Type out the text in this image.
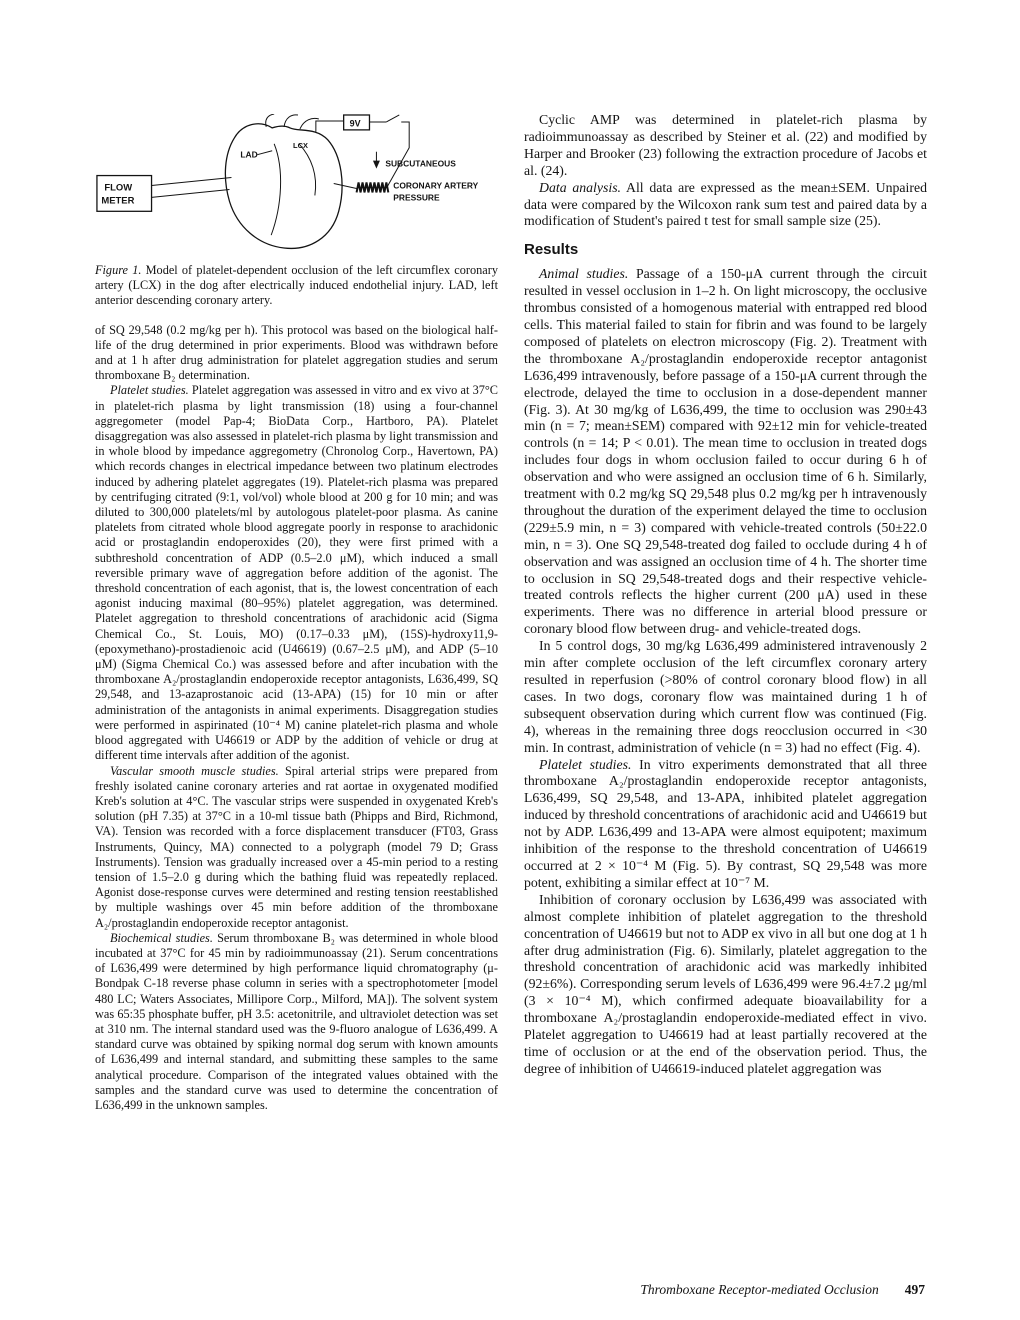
FLOW
METER
LAD
LCX
9V
SUBCUTANEOUS
CORONARY ARTERY
PRESSURE

Figure 1. Model of platelet-dependent occlusion of the left circumflex coronary artery (LCX) in the dog after electrically induced endothelial injury. LAD, left anterior descending coronary artery.

of SQ 29,548 (0.2 mg/kg per h). This protocol was based on the biological half-life of the drug determined in prior experiments. Blood was withdrawn before and at 1 h after drug administration for platelet aggregation studies and serum thromboxane B₂ determination.

Platelet studies. Platelet aggregation was assessed in vitro and ex vivo at 37°C in platelet-rich plasma by light transmission (18) using a four-channel aggregometer (model Pap-4; BioData Corp., Hartboro, PA). Platelet disaggregation was also assessed in platelet-rich plasma by light transmission and in whole blood by impedance aggregometry (Chronolog Corp., Havertown, PA) which records changes in electrical impedance between two platinum electrodes induced by adhering platelet aggregates (19). Platelet-rich plasma was prepared by centrifuging citrated (9:1, vol/vol) whole blood at 200 g for 10 min; and was diluted to 300,000 platelets/ml by autologous platelet-poor plasma. As canine platelets from citrated whole blood aggregate poorly in response to arachidonic acid or prostaglandin endoperoxides (20), they were first primed with a subthreshold concentration of ADP (0.5–2.0 μM), which induced a small reversible primary wave of aggregation before addition of the agonist. The threshold concentration of each agonist, that is, the lowest concentration of each agonist inducing maximal (80–95%) platelet aggregation, was determined. Platelet aggregation to threshold concentrations of arachidonic acid (Sigma Chemical Co., St. Louis, MO) (0.17–0.33 μM), (15S)-hydroxy11,9-(epoxymethano)-prostadienoic acid (U46619) (0.67–2.5 μM), and ADP (5–10 μM) (Sigma Chemical Co.) was assessed before and after incubation with the thromboxane A₂/prostaglandin endoperoxide receptor antagonists, L636,499, SQ 29,548, and 13-azaprostanoic acid (13-APA) (15) for 10 min or after administration of the antagonists in animal experiments. Disaggregation studies were performed in aspirinated (10⁻⁴ M) canine platelet-rich plasma and whole blood aggregated with U46619 or ADP by the addition of vehicle or drug at different time intervals after addition of the agonist.

Vascular smooth muscle studies. Spiral arterial strips were prepared from freshly isolated canine coronary arteries and rat aortae in oxygenated modified Kreb's solution at 4°C. The vascular strips were suspended in oxygenated Kreb's solution (pH 7.35) at 37°C in a 10-ml tissue bath (Phipps and Bird, Richmond, VA). Tension was recorded with a force displacement transducer (FT03, Grass Instruments, Quincy, MA) connected to a polygraph (model 79 D; Grass Instruments). Tension was gradually increased over a 45-min period to a resting tension of 1.5–2.0 g during which the bathing fluid was repeatedly replaced. Agonist dose-response curves were determined and resting tension reestablished by multiple washings over 45 min before addition of the thromboxane A₂/prostaglandin endoperoxide receptor antagonist.

Biochemical studies. Serum thromboxane B₂ was determined in whole blood incubated at 37°C for 45 min by radioimmunoassay (21). Serum concentrations of L636,499 were determined by high performance liquid chromatography (μ-Bondpak C-18 reverse phase column in series with a spectrophotometer [model 480 LC; Waters Associates, Millipore Corp., Milford, MA]). The solvent system was 65:35 phosphate buffer, pH 3.5: acetonitrile, and ultraviolet detection was set at 310 nm. The internal standard used was the 9-fluoro analogue of L636,499. A standard curve was obtained by spiking normal dog serum with known amounts of L636,499 and internal standard, and submitting these samples to the same analytical procedure. Comparison of the integrated values obtained with the samples and the standard curve was used to determine the concentration of L636,499 in the unknown samples.

Cyclic AMP was determined in platelet-rich plasma by radioimmunoassay as described by Steiner et al. (22) and modified by Harper and Brooker (23) following the extraction procedure of Jacobs et al. (24).

Data analysis. All data are expressed as the mean±SEM. Unpaired data were compared by the Wilcoxon rank sum test and paired data by a modification of Student's paired t test for small sample size (25).

Results

Animal studies. Passage of a 150-μA current through the circuit resulted in vessel occlusion in 1–2 h. On light microscopy, the occlusive thrombus consisted of a homogenous material with entrapped red blood cells. This material failed to stain for fibrin and was found to be largely composed of platelets on electron microscopy (Fig. 2). Treatment with the thromboxane A₂/prostaglandin endoperoxide receptor antagonist L636,499 intravenously, before passage of a 150-μA current through the electrode, delayed the time to occlusion in a dose-dependent manner (Fig. 3). At 30 mg/kg of L636,499, the time to occlusion was 290±43 min (n = 7; mean±SEM) compared with 92±12 min for vehicle-treated controls (n = 14; P < 0.01). The mean time to occlusion in treated dogs includes four dogs in whom occlusion failed to occur during 6 h of observation and who were assigned an occlusion time of 6 h. Similarly, treatment with 0.2 mg/kg SQ 29,548 plus 0.2 mg/kg per h intravenously throughout the duration of the experiment delayed the time to occlusion (229±5.9 min, n = 3) compared with vehicle-treated controls (50±22.0 min, n = 3). One SQ 29,548-treated dog failed to occlude during 4 h of observation and was assigned an occlusion time of 4 h. The shorter time to occlusion in SQ 29,548-treated dogs and their respective vehicle-treated controls reflects the higher current (200 μA) used in these experiments. There was no difference in arterial blood pressure or coronary blood flow between drug- and vehicle-treated dogs.

In 5 control dogs, 30 mg/kg L636,499 administered intravenously 2 min after complete occlusion of the left circumflex coronary artery resulted in reperfusion (>80% of control coronary blood flow) in all cases. In two dogs, coronary flow was maintained during 1 h of subsequent observation during which current flow was continued (Fig. 4), whereas in the remaining three dogs reocclusion occurred in <30 min. In contrast, administration of vehicle (n = 3) had no effect (Fig. 4).

Platelet studies. In vitro experiments demonstrated that all three thromboxane A₂/prostaglandin endoperoxide receptor antagonists, L636,499, SQ 29,548, and 13-APA, inhibited platelet aggregation induced by threshold concentrations of arachidonic acid and U46619 but not by ADP. L636,499 and 13-APA were almost equipotent; maximum inhibition of the response to the threshold concentration of U46619 occurred at 2 × 10⁻⁴ M (Fig. 5). By contrast, SQ 29,548 was more potent, exhibiting a similar effect at 10⁻⁷ M.

Inhibition of coronary occlusion by L636,499 was associated with almost complete inhibition of platelet aggregation to the threshold concentration of U46619 but not to ADP ex vivo in all but one dog at 1 h after drug administration (Fig. 6). Similarly, platelet aggregation to the threshold concentration of arachidonic acid was markedly inhibited (92±6%). Corresponding serum levels of L636,499 were 96.4±7.2 μg/ml (3 × 10⁻⁴ M), which confirmed adequate bioavailability for a thromboxane A₂/prostaglandin endoperoxide-mediated effect in vivo. Platelet aggregation to U46619 had at least partially recovered at the time of occlusion or at the end of the observation period. Thus, the degree of inhibition of U46619-induced platelet aggregation was

Thromboxane Receptor-mediated Occlusion 497
